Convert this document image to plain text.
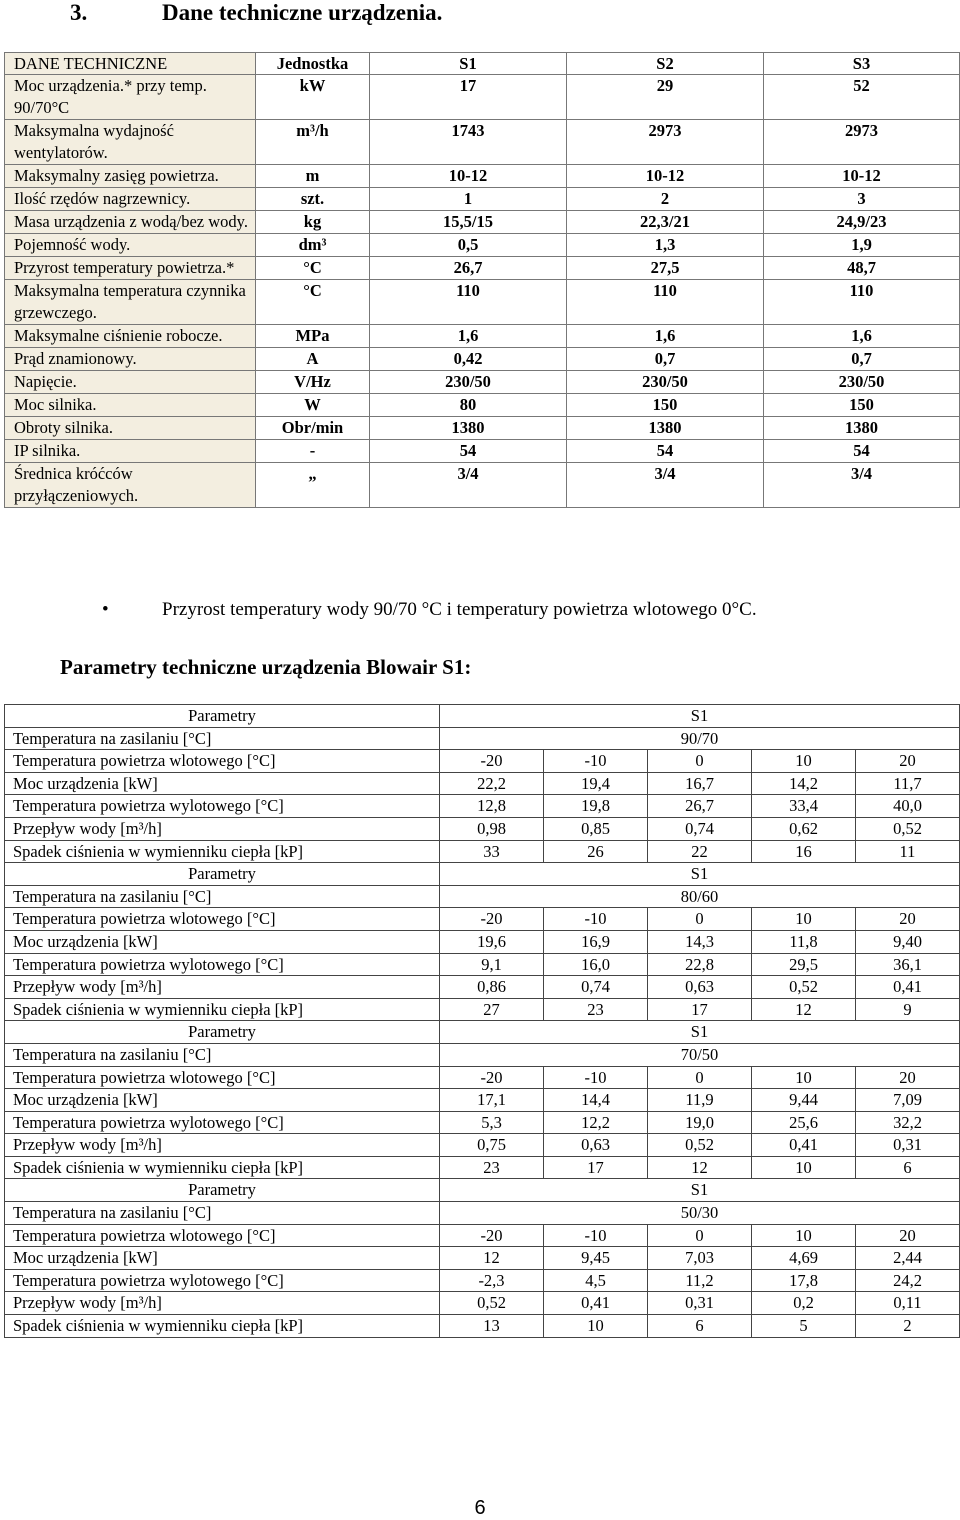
3.	Dane techniczne urządzenia.
DANE TECHNICZNE	Jednostka	S1	S2	S3
Moc urządzenia.* przy temp. 90/70°C	kW	17	29	52
Maksymalna wydajność wentylatorów.	m³/h	1743	2973	2973
Maksymalny zasięg powietrza.	m	10-12	10-12	10-12
Ilość rzędów nagrzewnicy.	szt.	1	2	3
Masa urządzenia z wodą/bez wody.	kg	15,5/15	22,3/21	24,9/23
Pojemność wody.	dm³	0,5	1,3	1,9
Przyrost temperatury powietrza.*	°C	26,7	27,5	48,7
Maksymalna temperatura czynnika grzewczego.	°C	110	110	110
Maksymalne ciśnienie robocze.	MPa	1,6	1,6	1,6
Prąd znamionowy.	A	0,42	0,7	0,7
Napięcie.	V/Hz	230/50	230/50	230/50
Moc silnika.	W	80	150	150
Obroty silnika.	Obr/min	1380	1380	1380
IP silnika.	-	54	54	54
Średnica króćców przyłączeniowych.	„	3/4	3/4	3/4
•	Przyrost temperatury wody 90/70 °C i temperatury powietrza wlotowego 0°C.
Parametry techniczne urządzenia Blowair S1:
Parametry	S1				
Temperatura na zasilaniu [°C]	90/70				
Temperatura powietrza wlotowego [°C]	-20	-10	0	10	20
Moc urządzenia [kW]	22,2	19,4	16,7	14,2	11,7
Temperatura powietrza wylotowego [°C]	12,8	19,8	26,7	33,4	40,0
Przepływ wody [m³/h]	0,98	0,85	0,74	0,62	0,52
Spadek ciśnienia w wymienniku ciepła [kP]	33	26	22	16	11
Parametry	S1				
Temperatura na zasilaniu [°C]	80/60				
Temperatura powietrza wlotowego [°C]	-20	-10	0	10	20
Moc urządzenia [kW]	19,6	16,9	14,3	11,8	9,40
Temperatura powietrza wylotowego [°C]	9,1	16,0	22,8	29,5	36,1
Przepływ wody [m³/h]	0,86	0,74	0,63	0,52	0,41
Spadek ciśnienia w wymienniku ciepła [kP]	27	23	17	12	9
Parametry	S1				
Temperatura na zasilaniu [°C]	70/50				
Temperatura powietrza wlotowego [°C]	-20	-10	0	10	20
Moc urządzenia [kW]	17,1	14,4	11,9	9,44	7,09
Temperatura powietrza wylotowego [°C]	5,3	12,2	19,0	25,6	32,2
Przepływ wody [m³/h]	0,75	0,63	0,52	0,41	0,31
Spadek ciśnienia w wymienniku ciepła [kP]	23	17	12	10	6
Parametry	S1				
Temperatura na zasilaniu [°C]	50/30				
Temperatura powietrza wlotowego [°C]	-20	-10	0	10	20
Moc urządzenia [kW]	12	9,45	7,03	4,69	2,44
Temperatura powietrza wylotowego [°C]	-2,3	4,5	11,2	17,8	24,2
Przepływ wody [m³/h]	0,52	0,41	0,31	0,2	0,11
Spadek ciśnienia w wymienniku ciepła [kP]	13	10	6	5	2
6
